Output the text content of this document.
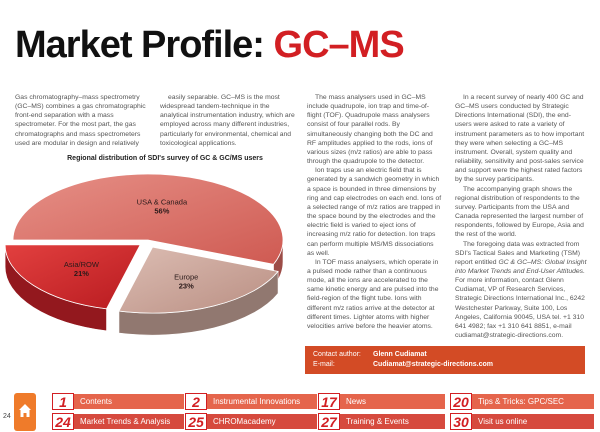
Market Profile: GC–MS

Gas chromatography–mass spectrometry (GC–MS) combines a gas chromatographic front-end separation with a mass spectrometer. For the most part, the gas chromatographs and mass spectrometers used are modular in design and relatively

easily separable. GC–MS is the most widespread tandem-technique in the analytical instrumentation industry, which are employed across many different industries, particularly for environmental, chemical and toxicological applications.

The mass analysers used in GC–MS include quadrupole, ion trap and time-of-flight (TOF). Quadrupole mass analysers consist of four parallel rods. By simultaneously changing both the DC and RF amplitudes applied to the rods, ions of various sizes (m/z ratios) are able to pass through the quadrupole to the detector.

Ion traps use an electric field that is generated by a sandwich geometry in which a space is bounded in three dimensions by ring and cap electrodes on each end. Ions of a selected range of m/z ratios are trapped in the space bound by the electrodes and the electric field is varied to eject ions of increasing m/z ratio for detection. Ion traps can perform multiple MS/MS dissociations as well.

In TOF mass analysers, which operate in a pulsed mode rather than a continuous mode, all the ions are accelerated to the same kinetic energy and are pulsed into the field-region of the flight tube. Ions with different m/z ratios arrive at the detector at different times. Lighter atoms with higher velocities arrive before the heavier atoms.

In a recent survey of nearly 400 GC and GC–MS users conducted by Strategic Directions International (SDI), the end-users were asked to rate a variety of instrument parameters as to how important they were when selecting a GC–MS instrument. Overall, system quality and reliability, sensitivity and post-sales service and support were the highest rated factors by the survey participants.

The accompanying graph shows the regional distribution of respondents to the survey. Participants from the USA and Canada represented the largest number of respondents, followed by Europe, Asia and the rest of the world.

The foregoing data was extracted from SDI's Tactical Sales and Marketing (TSM) report entitled GC & GC–MS: Global Insight into Market Trends and End-User Attitudes. For more information, contact Glenn Cudiamat, VP of Research Services, Strategic Directions International Inc., 6242 Westchester Parkway, Suite 100, Los Angeles, California 90045, USA tel. +1 310 641 4982; fax +1 310 641 8851, e-mail cudiamat@strategic-directions.com.

Regional distribution of SDI's survey of GC & GC/MS users
USA & Canada
56%
Europe
23%
Asia/ROW
21%
Contact author:	Glenn Cudiamat
E-mail:	Cudiamat@strategic-directions.com
24
1	Contents	2	Instrumental Innovations	17	News	20	Tips & Tricks: GPC/SEC
24	Market Trends & Analysis	25	CHROMacademy	27	Training & Events	30	Visit us online
